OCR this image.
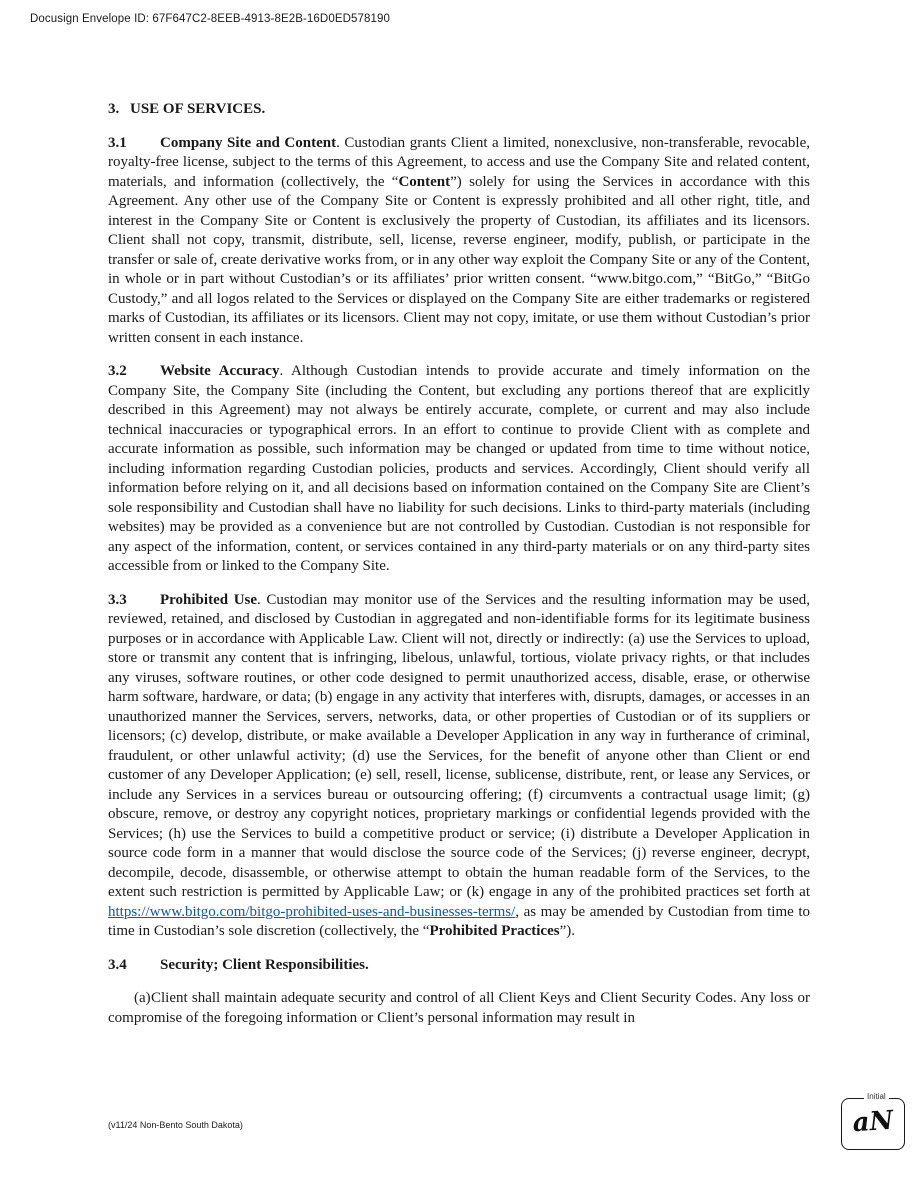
Docusign Envelope ID: 67F647C2-8EEB-4913-8E2B-16D0ED578190

3. USE OF SERVICES.

3.1 Company Site and Content. Custodian grants Client a limited, nonexclusive, non-transferable, revocable, royalty-free license, subject to the terms of this Agreement, to access and use the Company Site and related content, materials, and information (collectively, the “Content”) solely for using the Services in accordance with this Agreement. Any other use of the Company Site or Content is expressly prohibited and all other right, title, and interest in the Company Site or Content is exclusively the property of Custodian, its affiliates and its licensors. Client shall not copy, transmit, distribute, sell, license, reverse engineer, modify, publish, or participate in the transfer or sale of, create derivative works from, or in any other way exploit the Company Site or any of the Content, in whole or in part without Custodian’s or its affiliates’ prior written consent. “www.bitgo.com,” “BitGo,” “BitGo Custody,” and all logos related to the Services or displayed on the Company Site are either trademarks or registered marks of Custodian, its affiliates or its licensors. Client may not copy, imitate, or use them without Custodian’s prior written consent in each instance.

3.2 Website Accuracy. Although Custodian intends to provide accurate and timely information on the Company Site, the Company Site (including the Content, but excluding any portions thereof that are explicitly described in this Agreement) may not always be entirely accurate, complete, or current and may also include technical inaccuracies or typographical errors. In an effort to continue to provide Client with as complete and accurate information as possible, such information may be changed or updated from time to time without notice, including information regarding Custodian policies, products and services. Accordingly, Client should verify all information before relying on it, and all decisions based on information contained on the Company Site are Client’s sole responsibility and Custodian shall have no liability for such decisions. Links to third-party materials (including websites) may be provided as a convenience but are not controlled by Custodian. Custodian is not responsible for any aspect of the information, content, or services contained in any third-party materials or on any third-party sites accessible from or linked to the Company Site.

3.3 Prohibited Use. Custodian may monitor use of the Services and the resulting information may be used, reviewed, retained, and disclosed by Custodian in aggregated and non-identifiable forms for its legitimate business purposes or in accordance with Applicable Law. Client will not, directly or indirectly: (a) use the Services to upload, store or transmit any content that is infringing, libelous, unlawful, tortious, violate privacy rights, or that includes any viruses, software routines, or other code designed to permit unauthorized access, disable, erase, or otherwise harm software, hardware, or data; (b) engage in any activity that interferes with, disrupts, damages, or accesses in an unauthorized manner the Services, servers, networks, data, or other properties of Custodian or of its suppliers or licensors; (c) develop, distribute, or make available a Developer Application in any way in furtherance of criminal, fraudulent, or other unlawful activity; (d) use the Services, for the benefit of anyone other than Client or end customer of any Developer Application; (e) sell, resell, license, sublicense, distribute, rent, or lease any Services, or include any Services in a services bureau or outsourcing offering; (f) circumvents a contractual usage limit; (g) obscure, remove, or destroy any copyright notices, proprietary markings or confidential legends provided with the Services; (h) use the Services to build a competitive product or service; (i) distribute a Developer Application in source code form in a manner that would disclose the source code of the Services; (j) reverse engineer, decrypt, decompile, decode, disassemble, or otherwise attempt to obtain the human readable form of the Services, to the extent such restriction is permitted by Applicable Law; or (k) engage in any of the prohibited practices set forth at https://www.bitgo.com/bitgo-prohibited-uses-and-businesses-terms/, as may be amended by Custodian from time to time in Custodian’s sole discretion (collectively, the “Prohibited Practices”).

3.4 Security; Client Responsibilities.

(a)Client shall maintain adequate security and control of all Client Keys and Client Security Codes. Any loss or compromise of the foregoing information or Client’s personal information may result in

(v11/24 Non-Bento South Dakota)
Initial
aN
